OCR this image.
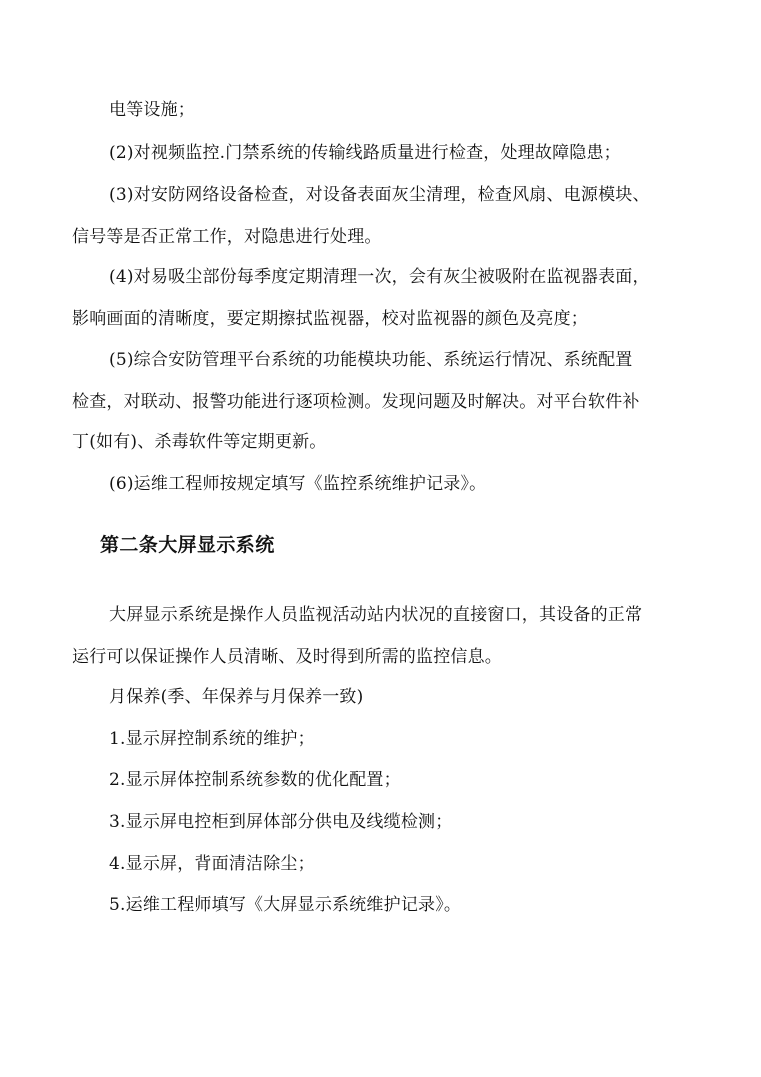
电等设施；
(2)对视频监控.门禁系统的传输线路质量进行检查，处理故障隐患；
(3)对安防网络设备检查，对设备表面灰尘清理，检查风扇、电源模块、
信号等是否正常工作，对隐患进行处理。
(4)对易吸尘部份每季度定期清理一次，会有灰尘被吸附在监视器表面，
影响画面的清晰度，要定期擦拭监视器，校对监视器的颜色及亮度；
(5)综合安防管理平台系统的功能模块功能、系统运行情况、系统配置
检查，对联动、报警功能进行逐项检测。发现问题及时解决。对平台软件补
丁(如有)、杀毒软件等定期更新。
(6)运维工程师按规定填写《监控系统维护记录》。
第二条大屏显示系统
大屏显示系统是操作人员监视活动站内状况的直接窗口，其设备的正常
运行可以保证操作人员清晰、及时得到所需的监控信息。
月保养(季、年保养与月保养一致)
1.显示屏控制系统的维护；
2.显示屏体控制系统参数的优化配置；
3.显示屏电控柜到屏体部分供电及线缆检测；
4.显示屏，背面清洁除尘；
5.运维工程师填写《大屏显示系统维护记录》。
